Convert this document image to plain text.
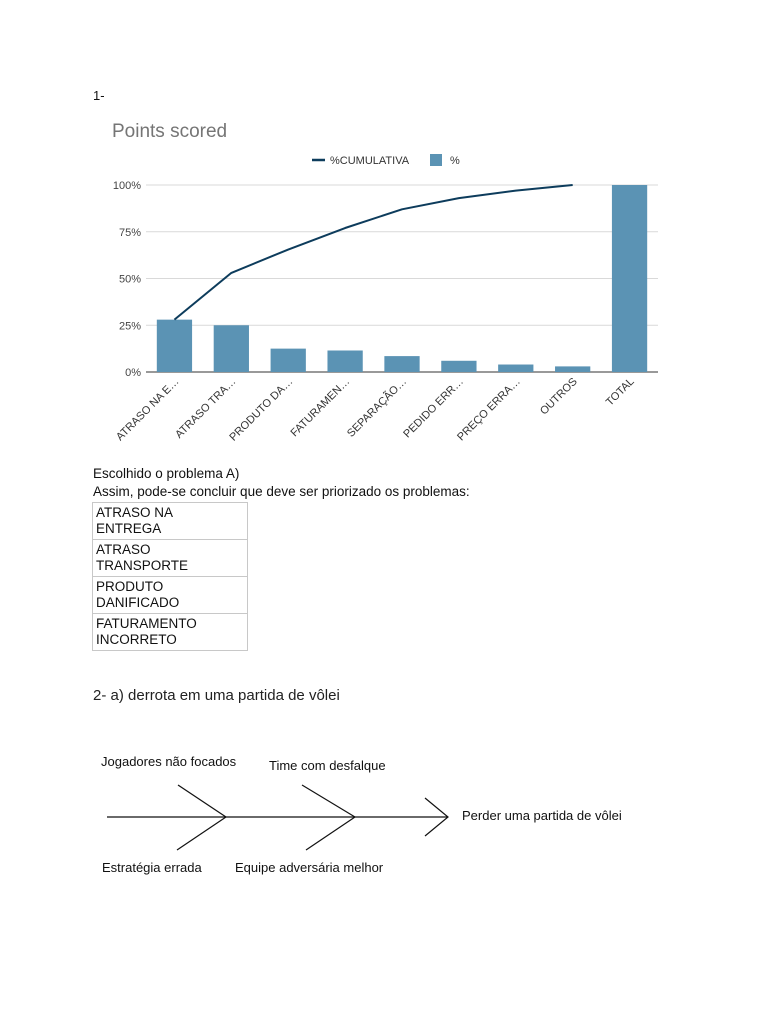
1-
Points scored
0%
25%
50%
75%
100%
ATRASO NA E…
ATRASO TRA…
PRODUTO DA…
FATURAMEN…
SEPARAÇÃO…
PEDIDO ERR…
PREÇO ERRA… OUTROS TOTAL
%CUMULATIVA	%
Escolhido o problema A)
Assim, pode-se concluir que deve ser priorizado os problemas:
ATRASO NA
ENTREGA
ATRASO
TRANSPORTE
PRODUTO
DANIFICADO
FATURAMENTO
INCORRETO
2- a) derrota em uma partida de vôlei
Jogadores não focados	Time com desfalque
Estratégia errada	Equipe adversária melhor
Perder uma partida de vôlei
